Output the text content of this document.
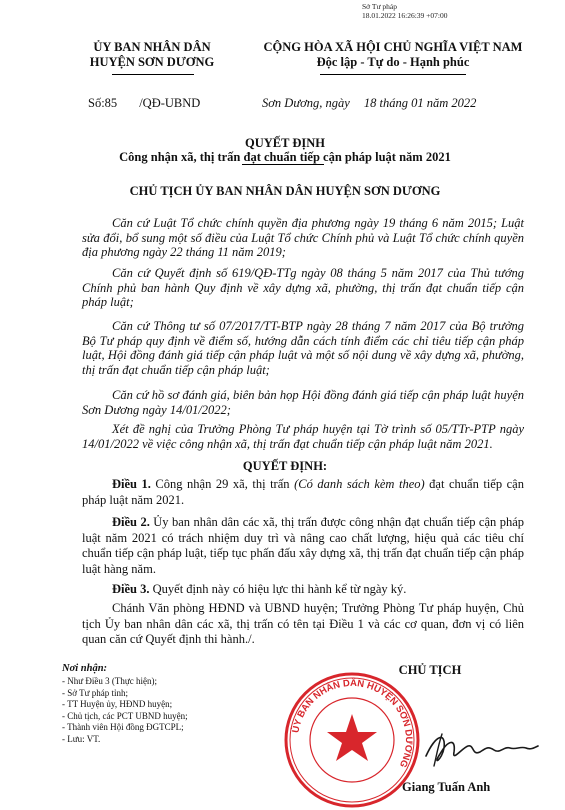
Sở Tư pháp
18.01.2022 16:26:39 +07:00
ỦY BAN NHÂN DÂN
HUYỆN SƠN DƯƠNG
CỘNG HÒA XÃ HỘI CHỦ NGHĨA VIỆT NAM
Độc lập - Tự do - Hạnh phúc
Số:85 /QĐ-UBND	Sơn Dương, ngày 18 tháng 01 năm 2022
QUYẾT ĐỊNH
Công nhận xã, thị trấn đạt chuẩn tiếp cận pháp luật năm 2021
CHỦ TỊCH ỦY BAN NHÂN DÂN HUYỆN SƠN DƯƠNG
Căn cứ Luật Tổ chức chính quyền địa phương ngày 19 tháng 6 năm 2015; Luật sửa đổi, bổ sung một số điều của Luật Tổ chức Chính phủ và Luật Tổ chức chính quyền địa phương ngày 22 tháng 11 năm 2019;
Căn cứ Quyết định số 619/QĐ-TTg ngày 08 tháng 5 năm 2017 của Thủ tướng Chính phủ ban hành Quy định về xây dựng xã, phường, thị trấn đạt chuẩn tiếp cận pháp luật;
Căn cứ Thông tư số 07/2017/TT-BTP ngày 28 tháng 7 năm 2017 của Bộ trưởng Bộ Tư pháp quy định về điểm số, hướng dẫn cách tính điểm các chỉ tiêu tiếp cận pháp luật, Hội đồng đánh giá tiếp cận pháp luật và một số nội dung về xây dựng xã, phường, thị trấn đạt chuẩn tiếp cận pháp luật;
Căn cứ hồ sơ đánh giá, biên bản họp Hội đồng đánh giá tiếp cận pháp luật huyện Sơn Dương ngày 14/01/2022;
Xét đề nghị của Trưởng Phòng Tư pháp huyện tại Tờ trình số 05/TTr-PTP ngày 14/01/2022 về việc công nhận xã, thị trấn đạt chuẩn tiếp cận pháp luật năm 2021.
QUYẾT ĐỊNH:
Điều 1. Công nhận 29 xã, thị trấn (Có danh sách kèm theo) đạt chuẩn tiếp cận pháp luật năm 2021.
Điều 2. Ủy ban nhân dân các xã, thị trấn được công nhận đạt chuẩn tiếp cận pháp luật năm 2021 có trách nhiệm duy trì và nâng cao chất lượng, hiệu quả các tiêu chí chuẩn tiếp cận pháp luật, tiếp tục phấn đấu xây dựng xã, thị trấn đạt chuẩn tiếp cận pháp luật hàng năm.
Điều 3. Quyết định này có hiệu lực thi hành kể từ ngày ký.
Chánh Văn phòng HĐND và UBND huyện; Trưởng Phòng Tư pháp huyện, Chủ tịch Ủy ban nhân dân các xã, thị trấn có tên tại Điều 1 và các cơ quan, đơn vị có liên quan căn cứ Quyết định thi hành./.
Nơi nhận:
- Như Điều 3 (Thực hiện);
- Sở Tư pháp tỉnh;
- TT Huyện ủy, HĐND huyện;
- Chủ tịch, các PCT UBND huyện;
- Thành viên Hội đồng ĐGTCPL;
- Lưu: VT.
CHỦ TỊCH
ỦY BAN NHÂN DÂN HUYỆN SƠN DƯƠNG
Giang Tuấn Anh
